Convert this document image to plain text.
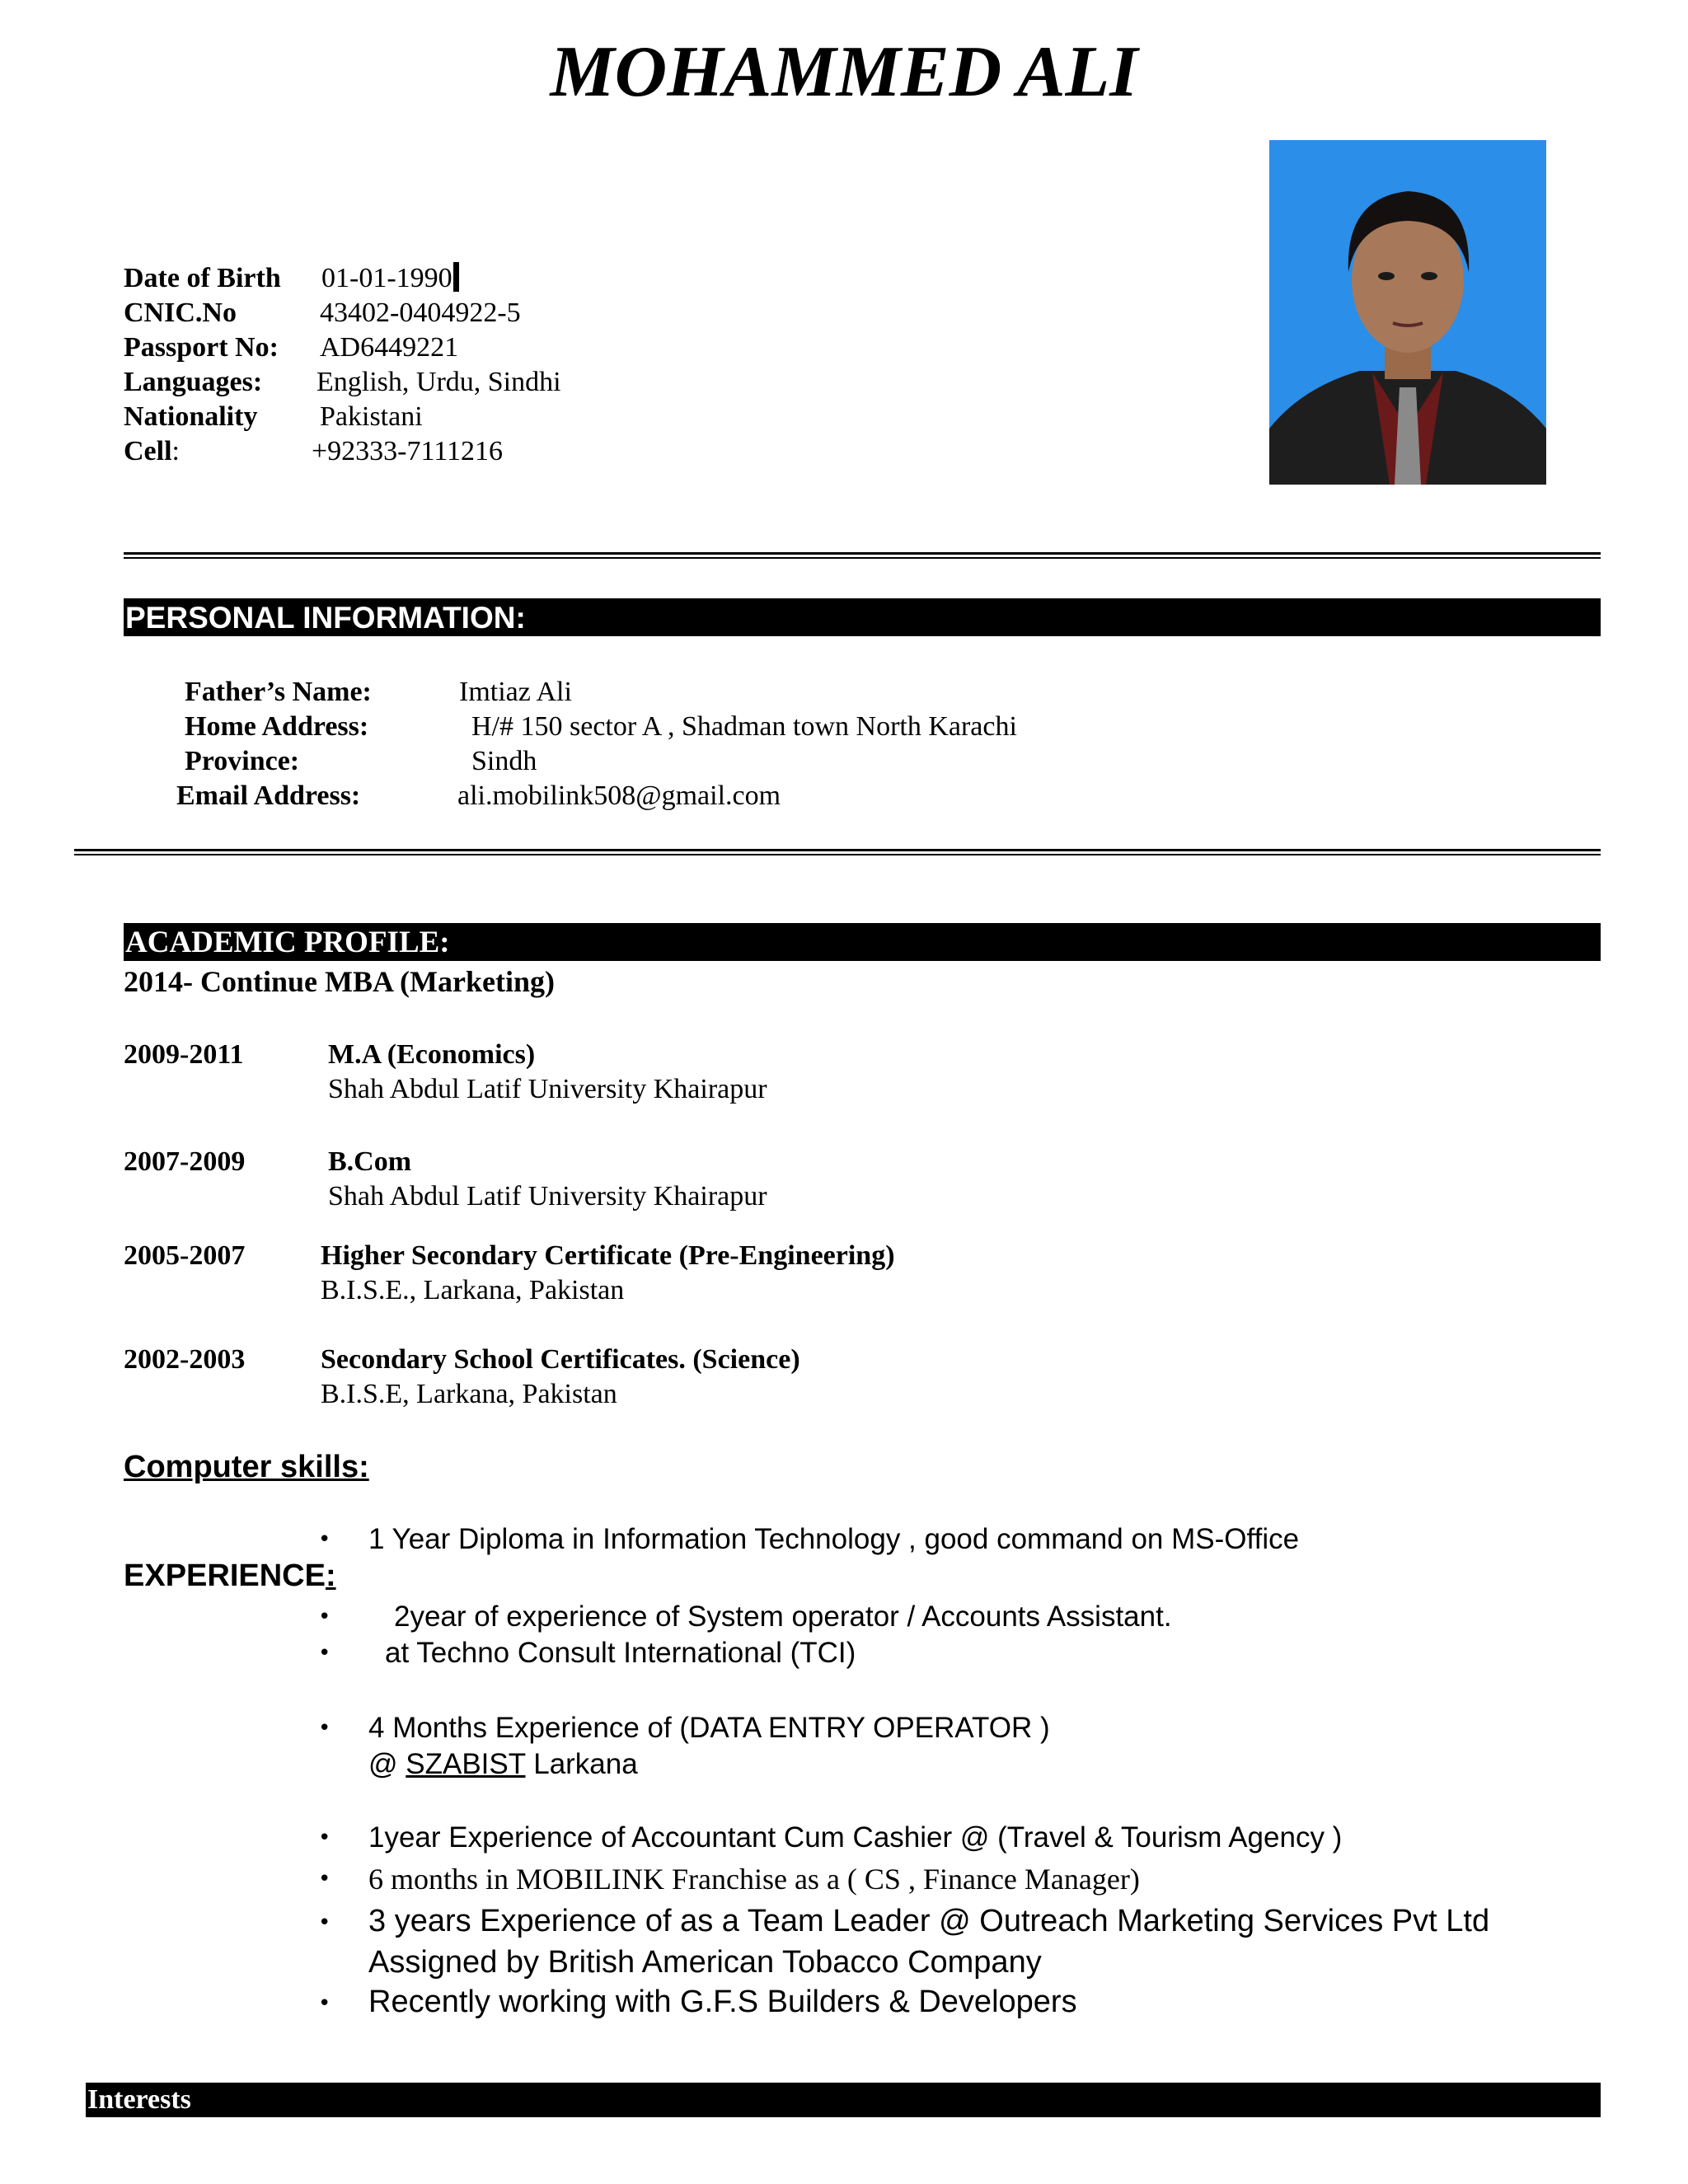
MOHAMMED ALI
Date of Birth 01-01-1990
CNIC.No	43402-0404922-5
Passport No: AD6449221
Languages: English, Urdu, Sindhi
Nationality Pakistani
Cell:	+92333-7111216
PERSONAL INFORMATION:
Father’s Name:	Imtiaz Ali
Home Address:	H/# 150 sector A , Shadman town North Karachi
Province:	Sindh
Email Address:	ali.mobilink508@gmail.com
ACADEMIC PROFILE:
2014- Continue MBA (Marketing)
2009-2011	M.A (Economics)
Shah Abdul Latif University Khairapur
2007-2009	B.Com
Shah Abdul Latif University Khairapur
2005-2007	Higher Secondary Certificate (Pre-Engineering)
B.I.S.E., Larkana, Pakistan
2002-2003	Secondary School Certificates. (Science)
B.I.S.E, Larkana, Pakistan
Computer skills:
• 1 Year Diploma in Information Technology , good command on MS-Office
EXPERIENCE:
• 2year of experience of System operator / Accounts Assistant.
• at Techno Consult International (TCI)
• 4 Months Experience of (DATA ENTRY OPERATOR )
@ SZABIST Larkana
• 1year Experience of Accountant Cum Cashier @ (Travel & Tourism Agency )
• 6 months in MOBILINK Franchise as a ( CS , Finance Manager)
• 3 years Experience of as a Team Leader @ Outreach Marketing Services Pvt Ltd
Assigned by British American Tobacco Company
• Recently working with G.F.S Builders & Developers
Interests
